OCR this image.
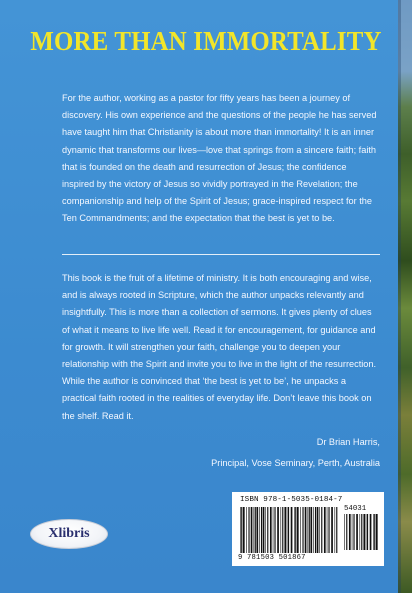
MORE THAN IMMORTALITY

For the author, working as a pastor for fifty years has been a journey of discovery. His own experience and the questions of the people he has served have taught him that Christianity is about more than immortality! It is an inner dynamic that transforms our lives—love that springs from a sincere faith; faith that is founded on the death and resurrection of Jesus; the confidence inspired by the victory of Jesus so vividly portrayed in the Revelation; the companionship and help of the Spirit of Jesus; grace-inspired respect for the Ten Commandments; and the expectation that the best is yet to be.

This book is the fruit of a lifetime of ministry. It is both encouraging and wise, and is always rooted in Scripture, which the author unpacks relevantly and insightfully. This is more than a collection of sermons. It gives plenty of clues of what it means to live life well. Read it for encouragement, for guidance and for growth. It will strengthen your faith, challenge you to deepen your relationship with the Spirit and invite you to live in the light of the resurrection. While the author is convinced that ‘the best is yet to be’, he unpacks a practical faith rooted in the realities of everyday life. Don’t leave this book on the shelf. Read it.

Dr Brian Harris,
Principal, Vose Seminary, Perth, Australia
Xlibris
ISBN 978-1-5035-0184-7
54031
9 781503 501867
